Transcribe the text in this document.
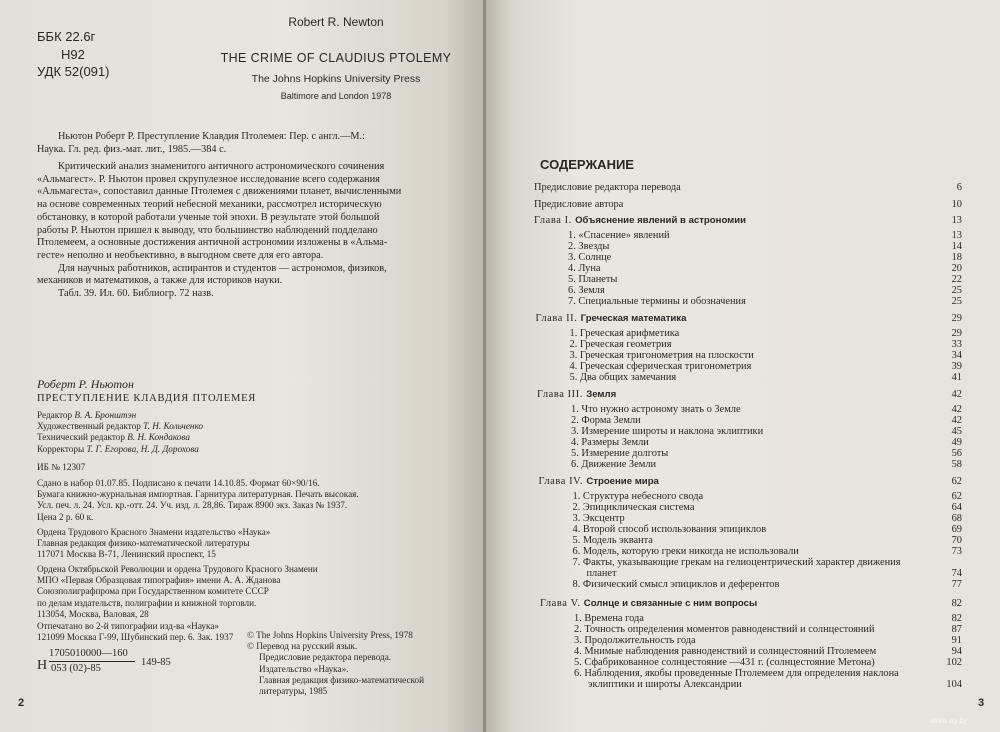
ББК 22.6г
Н92
УДК 52(091)
Robert R. Newton
THE CRIME OF CLAUDIUS PTOLEMY
The Johns Hopkins University Press
Baltimore and London 1978
Ньютон Роберт Р. Преступление Клавдия Птолемея: Пер. с англ.—М.:
Наука. Гл. ред. физ.-мат. лит., 1985.—384 с.
Критический анализ знаменитого античного астрономического сочинения
«Альмагест». Р. Ньютон провел скрупулезное исследование всего содержания
«Альмагеста», сопоставил данные Птолемея с движениями планет, вычисленными
на основе современных теорий небесной механики, рассмотрел историческую
обстановку, в которой работали ученые той эпохи. В результате этой большой
работы Р. Ньютон пришел к выводу, что большинство наблюдений подделано
Птолемеем, а основные достижения античной астрономии изложены в «Альма-
гесте» неполно и необъективно, в выгодном свете для его автора.
Для научных работников, аспирантов и студентов — астрономов, физиков,
механиков и математиков, а также для историков науки.
Табл. 39. Ил. 60. Библиогр. 72 назв.
Роберт Р. Ньютон
ПРЕСТУПЛЕНИЕ КЛАВДИЯ ПТОЛЕМЕЯ
Редактор В. А. Бронштэн
Художественный редактор Т. Н. Кольченко
Технический редактор В. Н. Кондакова
Корректоры Т. Г. Егорова, Н. Д. Дорохова
ИБ № 12307
Сдано в набор 01.07.85. Подписано к печати 14.10.85. Формат 60×90/16.
Бумага книжно-журнальная импортная. Гарнитура литературная. Печать высокая.
Усл. печ. л. 24. Усл. кр.-отт. 24. Уч. изд. л. 28,86. Тираж 8900 экз. Заказ № 1937.
Цена 2 р. 60 к.
Ордена Трудового Красного Знамени издательство «Наука»
Главная редакция физико-математической литературы
117071 Москва В-71, Ленинский проспект, 15
Ордена Октябрьской Революции и ордена Трудового Красного Знамени
МПО «Первая Образцовая типография» имени А. А. Жданова
Союзполиграфпрома при Государственном комитете СССР
по делам издательств, полиграфии и книжной торговли.
113054, Москва, Валовая, 28
Отпечатано во 2-й типографии изд-ва «Наука»
121099 Москва Г-99, Шубинский пер. 6. Зак. 1937
Н
1705010000—160
053 (02)-85
149-85
© The Johns Hopkins University Press, 1978
© Перевод на русский язык.
Предисловие редактора перевода.
Издательство «Наука».
Главная редакция физико-математической
литературы, 1985
2
СОДЕРЖАНИЕ
Предисловие редактора перевода	6
Предисловие автора	10
Глава I. Объяснение явлений в астрономии	13
1. «Спасение» явлений	13
2. Звезды	14
3. Солнце	18
4. Луна	20
5. Планеты	22
6. Земля	25
7. Специальные термины и обозначения	25
Глава II. Греческая математика	29
1. Греческая арифметика	29
2. Греческая геометрия	33
3. Греческая тригонометрия на плоскости	34
4. Греческая сферическая тригонометрия	39
5. Два общих замечания	41
Глава III. Земля	42
1. Что нужно астроному знать о Земле	42
2. Форма Земли	42
3. Измерение широты и наклона эклиптики	45
4. Размеры Земли	49
5. Измерение долготы	56
6. Движение Земли	58
Глава IV. Строение мира	62
1. Структура небесного свода	62
2. Эпициклическая система	64
3. Эксцентр	68
4. Второй способ использования эпициклов	69
5. Модель экванта	70
6. Модель, которую греки никогда не использовали	73
7. Факты, указывающие грекам на гелиоцентрический характер движения
планет	74
8. Физический смысл эпициклов и деферентов	77
Глава V. Солнце и связанные с ним вопросы	82
1. Времена года	82
2. Точность определения моментов равноденствий и солнцестояний	87
3. Продолжительность года	91
4. Мнимые наблюдения равноденствий и солнцестояний Птолемеем	94
5. Сфабрикованное солнцестояние —431 г. (солнцестояние Метона)	102
6. Наблюдения, якобы проведенные Птолемеем для определения наклона
эклиптики и широты Александрии	104
3
www.ay.by
